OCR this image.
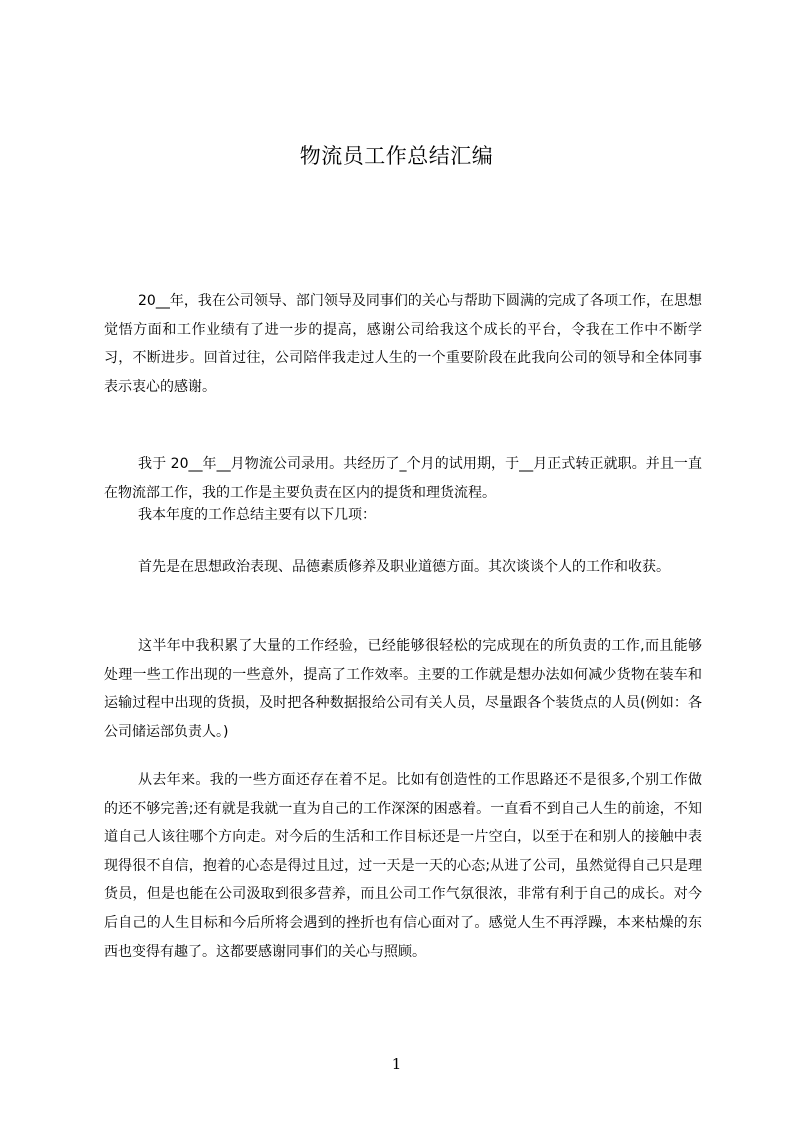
物流员工作总结汇编

20__年，我在公司领导、部门领导及同事们的关心与帮助下圆满的完成了各项工作，在思想觉悟方面和工作业绩有了进一步的提高，感谢公司给我这个成长的平台，令我在工作中不断学习，不断进步。回首过往，公司陪伴我走过人生的一个重要阶段在此我向公司的领导和全体同事表示衷心的感谢。

我于 20__年__月物流公司录用。共经历了_个月的试用期，于__月正式转正就职。并且一直在物流部工作，我的工作是主要负责在区内的提货和理货流程。

我本年度的工作总结主要有以下几项：

首先是在思想政治表现、品德素质修养及职业道德方面。其次谈谈个人的工作和收获。

这半年中我积累了大量的工作经验，已经能够很轻松的完成现在的所负责的工作,而且能够处理一些工作出现的一些意外，提高了工作效率。主要的工作就是想办法如何减少货物在装车和运输过程中出现的货损，及时把各种数据报给公司有关人员，尽量跟各个装货点的人员(例如：各公司储运部负责人。)

从去年来。我的一些方面还存在着不足。比如有创造性的工作思路还不是很多,个别工作做的还不够完善;还有就是我就一直为自己的工作深深的困惑着。一直看不到自己人生的前途，不知道自己人该往哪个方向走。对今后的生活和工作目标还是一片空白，以至于在和别人的接触中表现得很不自信，抱着的心态是得过且过，过一天是一天的心态;从进了公司，虽然觉得自己只是理货员，但是也能在公司汲取到很多营养，而且公司工作气氛很浓，非常有利于自己的成长。对今后自己的人生目标和今后所将会遇到的挫折也有信心面对了。感觉人生不再浮躁，本来枯燥的东西也变得有趣了。这都要感谢同事们的关心与照顾。

1
